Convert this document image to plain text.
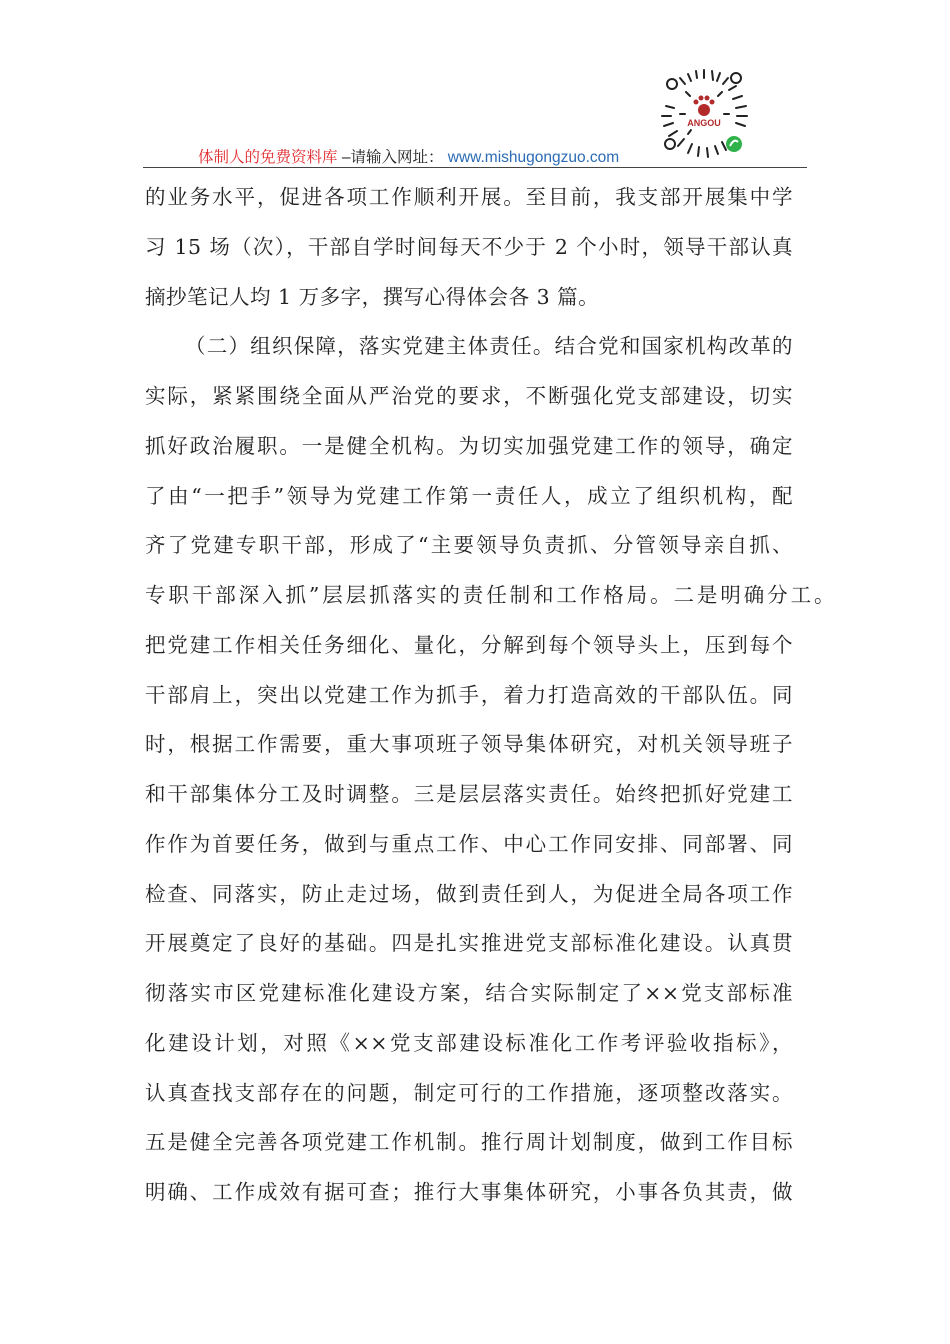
体制人的免费资料库 –请输入网址： www.mishugongzuo.com
ANGOU
的业务水平，促进各项工作顺利开展。至目前，我支部开展集中学
习 15 场（次），干部自学时间每天不少于 2 个小时，领导干部认真
摘抄笔记人均 1 万多字，撰写心得体会各 3 篇。
（二）组织保障，落实党建主体责任。结合党和国家机构改革的
实际，紧紧围绕全面从严治党的要求，不断强化党支部建设，切实
抓好政治履职。一是健全机构。为切实加强党建工作的领导，确定
了由“一把手”领导为党建工作第一责任人，成立了组织机构，配
齐了党建专职干部，形成了“主要领导负责抓、分管领导亲自抓、
专职干部深入抓”层层抓落实的责任制和工作格局。二是明确分工。
把党建工作相关任务细化、量化，分解到每个领导头上，压到每个
干部肩上，突出以党建工作为抓手，着力打造高效的干部队伍。同
时，根据工作需要，重大事项班子领导集体研究，对机关领导班子
和干部集体分工及时调整。三是层层落实责任。始终把抓好党建工
作作为首要任务，做到与重点工作、中心工作同安排、同部署、同
检查、同落实，防止走过场，做到责任到人，为促进全局各项工作
开展奠定了良好的基础。四是扎实推进党支部标准化建设。认真贯
彻落实市区党建标准化建设方案，结合实际制定了××党支部标准
化建设计划，对照《××党支部建设标准化工作考评验收指标》，
认真查找支部存在的问题，制定可行的工作措施，逐项整改落实。
五是健全完善各项党建工作机制。推行周计划制度，做到工作目标
明确、工作成效有据可查；推行大事集体研究，小事各负其责，做
